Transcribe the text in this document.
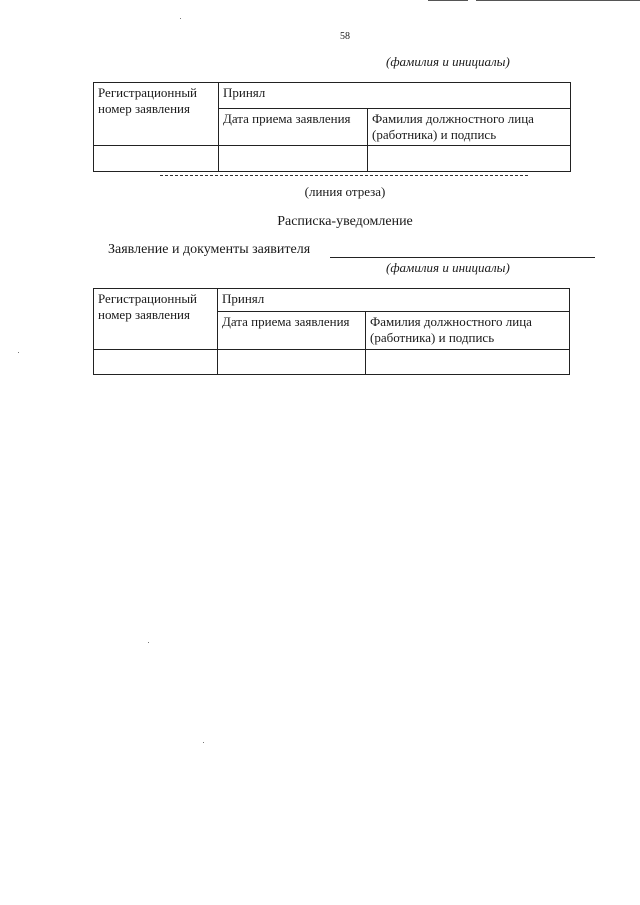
58
(фамилия и инициалы)
Регистрационный номер заявления	Принял	
	Дата приема заявления	Фамилия должностного лица (работника) и подпись

(линия отреза)
Расписка-уведомление
Заявление и документы заявителя
(фамилия и инициалы)
Регистрационный номер заявления	Принял	
	Дата приема заявления	Фамилия должностного лица (работника) и подпись
